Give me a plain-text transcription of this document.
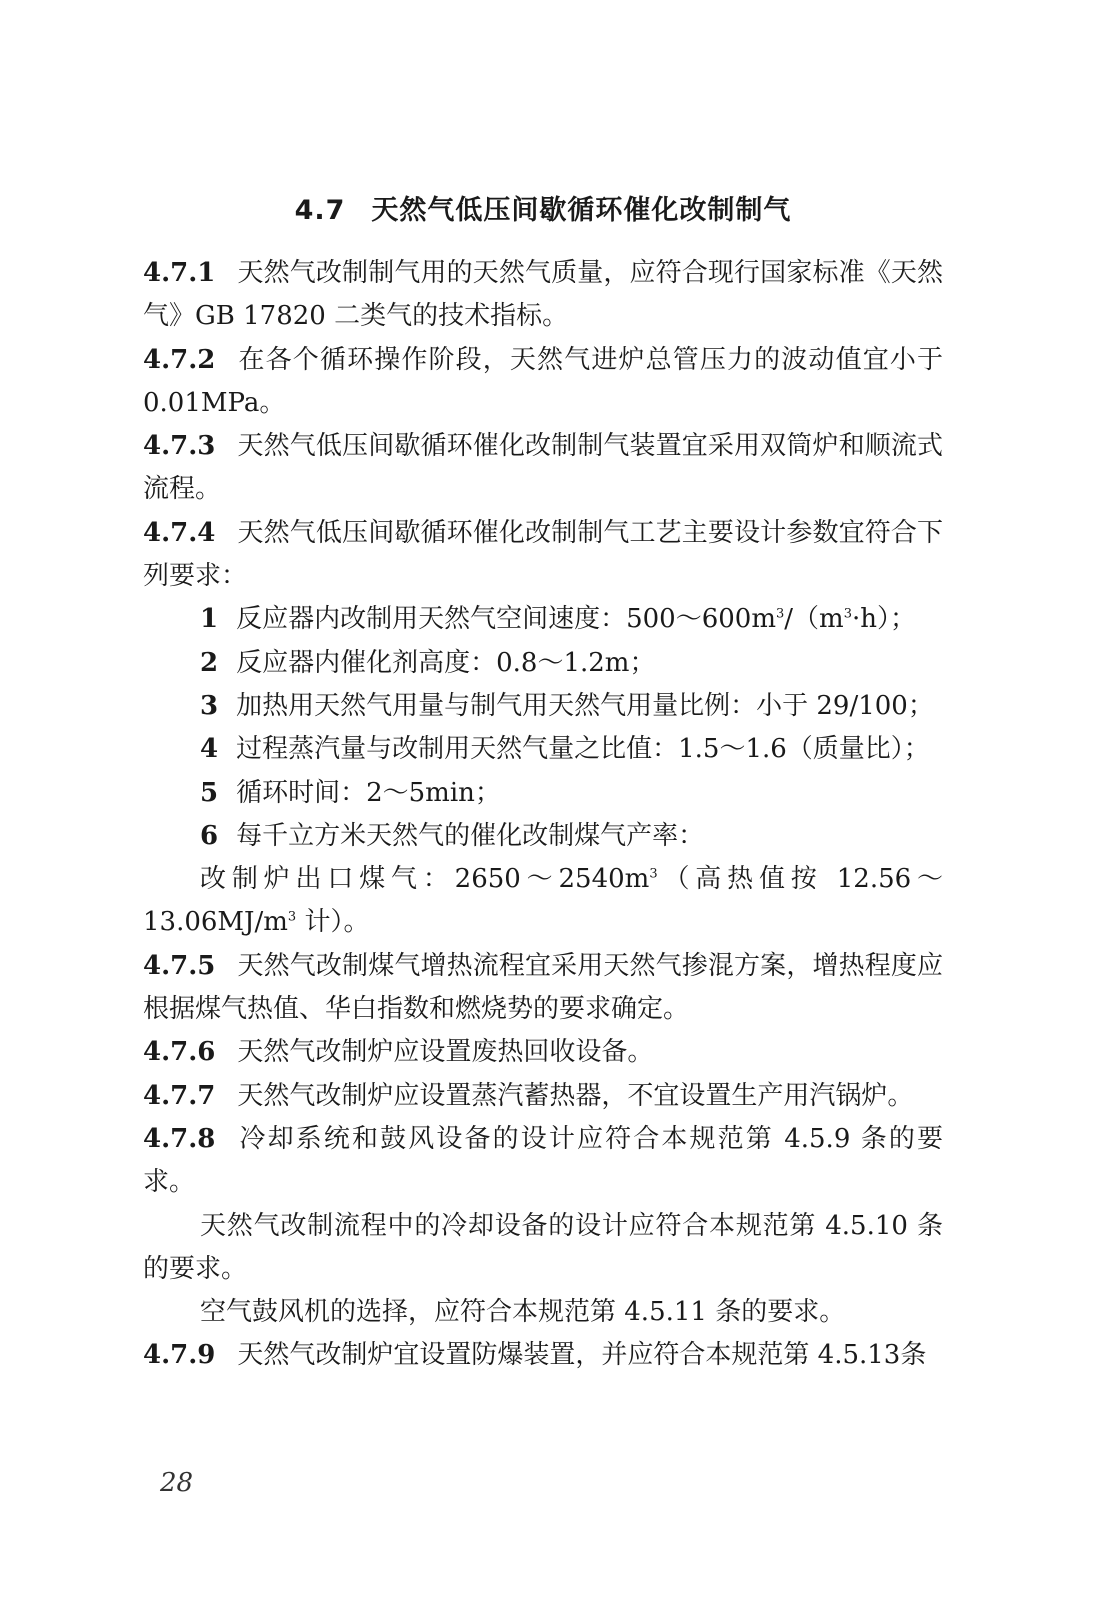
4.7 天然气低压间歇循环催化改制制气

4.7.1 天然气改制制气用的天然气质量，应符合现行国家标准《天然气》GB 17820 二类气的技术指标。

4.7.2 在各个循环操作阶段，天然气进炉总管压力的波动值宜小于 0.01MPa。

4.7.3 天然气低压间歇循环催化改制制气装置宜采用双筒炉和顺流式流程。

4.7.4 天然气低压间歇循环催化改制制气工艺主要设计参数宜符合下列要求：

1 反应器内改制用天然气空间速度：$500\sim 600m^3/(m^3\cdot h)$；

2 反应器内催化剂高度：0.8～1.2m；

3 加热用天然气用量与制气用天然气用量比例：小于 29/100；

4 过程蒸汽量与改制用天然气量之比值：1.5～1.6（质量比）；

5 循环时间：2～5min；

6 每千立方米天然气的催化改制煤气产率：

改制炉出口煤气：$2650\sim 2540m^3$（高热值按 $12.56\sim 13.06MJ/m^3$ 计）。

4.7.5 天然气改制煤气增热流程宜采用天然气掺混方案，增热程度应根据煤气热值、华白指数和燃烧势的要求确定。

4.7.6 天然气改制炉应设置废热回收设备。

4.7.7 天然气改制炉应设置蒸汽蓄热器，不宜设置生产用汽锅炉。

4.7.8 冷却系统和鼓风设备的设计应符合本规范第 4.5.9 条的要求。

天然气改制流程中的冷却设备的设计应符合本规范第 4.5.10 条的要求。

空气鼓风机的选择，应符合本规范第 4.5.11 条的要求。

4.7.9 天然气改制炉宜设置防爆装置，并应符合本规范第 4.5.13条

28
